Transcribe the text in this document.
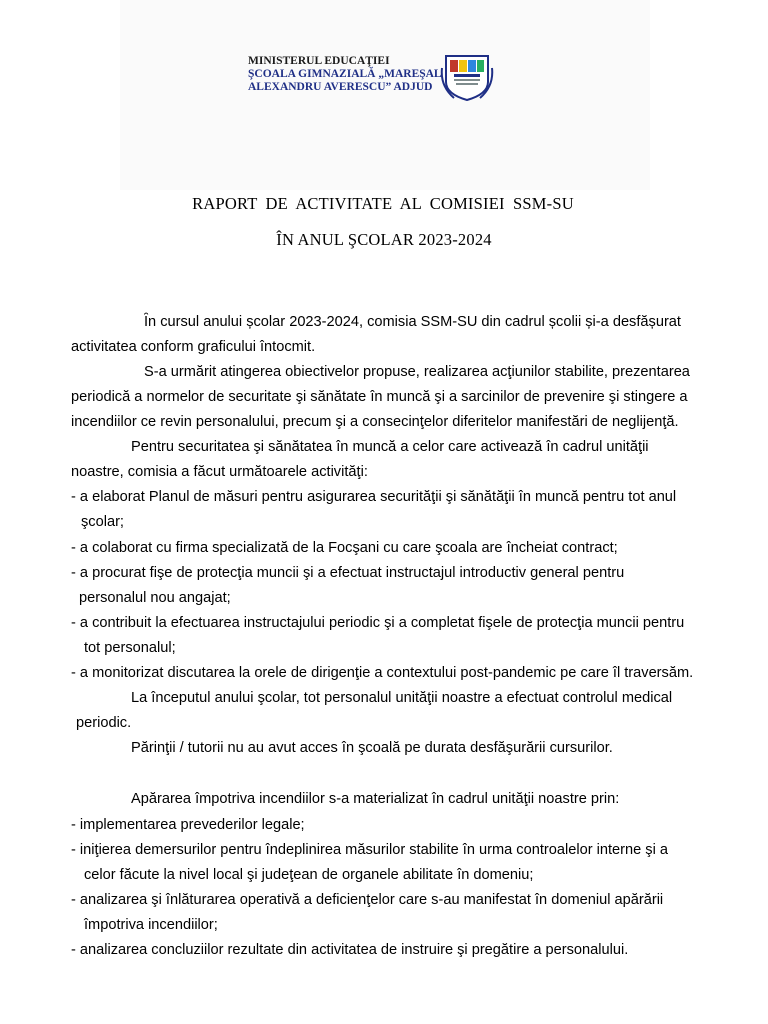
MINISTERUL EDUCAŢIEI
ŞCOALA GIMNAZIALĂ „MAREŞAL
ALEXANDRU AVERESCU” ADJUD
RAPORT DE ACTIVITATE AL COMISIEI SSM-SU
ÎN ANUL ŞCOLAR 2023-2024
Ȋn cursul anului școlar 2023-2024, comisia SSM-SU din cadrul școlii și-a desfășurat
activitatea conform graficului întocmit.
S-a urmărit atingerea obiectivelor propuse, realizarea acţiunilor stabilite, prezentarea
periodică a normelor de securitate şi sănătate în muncă şi a sarcinilor de prevenire şi stingere a
incendiilor ce revin personalului, precum şi a consecinţelor diferitelor manifestări de neglijenţă.
Pentru securitatea şi sănătatea în muncă a celor care activează în cadrul unităţii
noastre, comisia a făcut următoarele activităţi:
- a elaborat Planul de măsuri pentru asigurarea securităţii şi sănătăţii în muncă pentru tot anul
şcolar;
- a colaborat cu firma specializată de la Focşani cu care şcoala are încheiat contract;
- a procurat fişe de protecţia muncii şi a efectuat instructajul introductiv general pentru
personalul nou angajat;
- a contribuit la efectuarea instructajului periodic şi a completat fişele de protecţia muncii pentru
tot personalul;
- a monitorizat discutarea la orele de dirigenţie a contextului post-pandemic pe care îl traversăm.
La începutul anului şcolar, tot personalul unităţii noastre a efectuat controlul medical
periodic.
Părinţii / tutorii nu au avut acces în şcoală pe durata desfăşurării cursurilor.
Apărarea împotriva incendiilor s-a materializat în cadrul unităţii noastre prin:
- implementarea prevederilor legale;
- iniţierea demersurilor pentru îndeplinirea măsurilor stabilite în urma controalelor interne şi a
celor făcute la nivel local şi judeţean de organele abilitate în domeniu;
- analizarea şi înlăturarea operativă a deficienţelor care s-au manifestat în domeniul apărării
împotriva incendiilor;
- analizarea concluziilor rezultate din activitatea de instruire şi pregătire a personalului.
